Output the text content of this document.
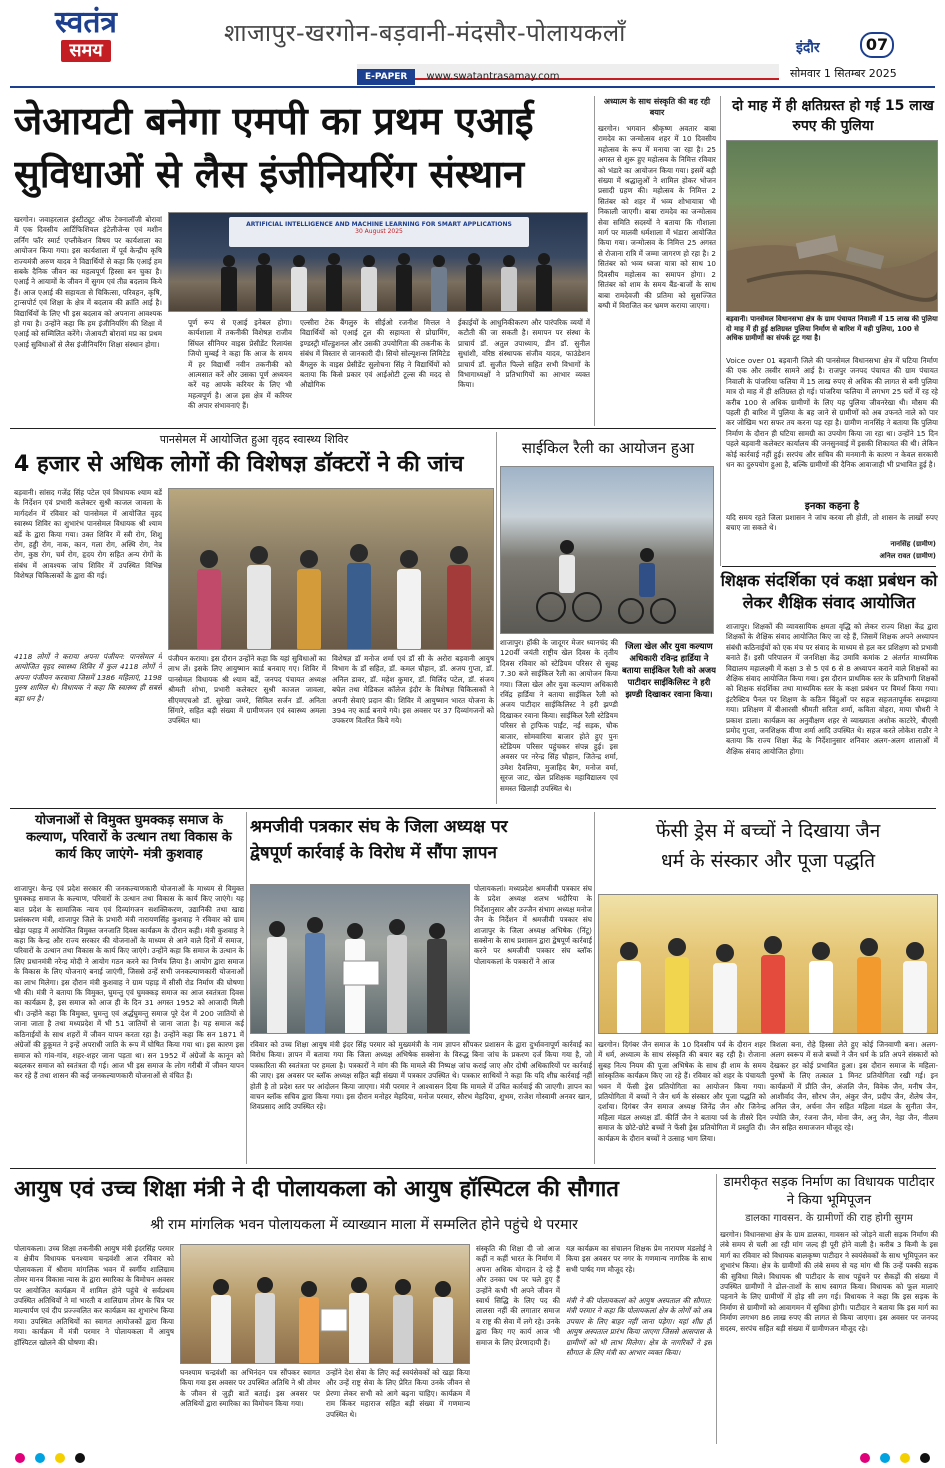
स्वतंत्र
समय
शाजापुर-खरगोन-बड़वानी-मंदसौर-पोलायकलाँ
E-PAPER www.swatantrasamay.com
इंदौर	07
सोमवार 1 सितम्बर 2025
जेआयटी बनेगा एमपी का प्रथम एआई
सुविधाओं से लैस इंजीनियरिंग संस्थान
खरगोन। जवाहरलाल इंस्टीट्यूट ऑफ टेक्नालॉजी बोरावां में एक दिवसीय आर्टिफिशियल इंटेलीजेन्स एवं मशीन लर्निंग फॉर स्मार्ट एप्लीकेशन विषय पर कार्यशाला का आयोजन किया गया। इस कार्यशाला में पूर्व केन्द्रीय कृषि राज्यमंत्री अरुण यादव ने विद्यार्थियों से कहा कि एआई हम सबके दैनिक जीवन का महत्वपूर्ण हिस्सा बन चुका है। एआई ने आयामों के जीवन में सुगम एवं तीव्र बदलाव किये हैं। आज एआई की सहायता से चिकित्सा, परिवहन, कृषि, ट्रान्सपोर्ट एवं शिक्षा के क्षेत्र में बदलाव की क्रांति आई है। विद्यार्थियों के लिए भी इस बदलाव को अपनाना आवश्यक हो गया है। उन्होंने कहा कि हम इंजीनियरिंग की शिक्षा में एआई को सम्मिलित करेंगे। जेआयटी बोरावां मप्र का प्रथम एआई सुविधाओं से लैस इंजीनियरिंग शिक्षा संस्थान होगा।
ARTIFICIAL INTELLIGENCE AND MACHINE LEARNING FOR SMART APPLICATIONS
30 August 2025
पूर्ण रूप से एआई इनेबल होगा। कार्यशाला में तकनीकी विशेषज्ञ राजीव सिंघल सीनियर वाइस प्रेसीडेंट रिलायंस जियो मुम्बई ने कहा कि आज के समय में हर विद्यार्थी नवीन तकनीकी को आत्मसात करें और उसका पूर्ण अध्ययन करें यह आपके करियर के लिए भी महत्वपूर्ण है। आज इस क्षेत्र में करियर की अपार संभावनाएं हैं।
एल्सीरा टेक बैंगलुरु के सीईओ रजनीश मित्तल ने विद्यार्थियों को एआई टूल की सहायता से प्रोग्रामिंग, इण्डस्ट्री मॉल्डुशनल और उसकी उपयोगिता की तकनीक के संबंध में विस्तार से जानकारी दी। सियो सोल्यूशन्स लिमिटेड बैंगलुरु के वाइस प्रेसीडेंट सुलोचना सिंह ने विद्यार्थियों को बताया कि किसे प्रकार एवं आईओटी टूल्स की मदद से औद्योगिक
ईकाईयों के आधुनिकीकरण और पारंपरिक व्ययों में कटौती की जा सकती है। समापन पर संस्था के प्राचार्य डॉ. अतुल उपाध्याय, डीन डॉ. सुनील सुधांशी, वरिष्ठ संस्थापक संजीव यादव, फाउंडेशन प्राचार्य डॉ. सुजीत पिल्ले सहित सभी विभागों के विभागाध्यक्षों ने प्रतिभागियों का आभार व्यक्त किया।
अध्यात्म के साथ संस्कृति की बह रही बयार
खरगोन। भगवान श्रीकृष्ण अवतार बाबा रामदेव का जन्मोत्सव शहर में 10 दिवसीय महोत्सव के रूप में मनाया जा रहा है। 25 अगस्त से शुरू हुए महोत्सव के निमित्त रविवार को भंडारे का आयोजन किया गया। इसमें बड़ी संख्या में श्रद्धालुओं ने शामिल होकर भोजन प्रसादी ग्रहण की। महोत्सव के निमित्त 2 सितंबर को शहर में भव्य शोभायात्रा भी निकाली जाएगी। बाबा रामदेव का जन्मोत्सव सेवा समिति सदस्यों ने बताया कि गौशाला मार्ग पर मालवी धर्मशाला में भंडारा आयोजित किया गया। जन्मोत्सव के निमित्त 25 अगस्त से रोजाना रात्रि में जम्मा जागरण हो रहा है। 2 सितंबर को भव्य ध्वजा यात्रा को साथ 10 दिवसीय महोत्सव का समापन होगा। 2 सितंबर को शाम के समय बैंड-बाजों के साथ बाबा रामदेवजी की प्रतिमा को सुसज्जित बग्घी में विराजित कर भ्रमण कराया जाएगा।
दो माह में ही क्षतिग्रस्त हो गई 15 लाख रुपए की पुलिया
बड़वानी। पानसेमल विधानसभा क्षेत्र के ग्राम पंचायत निवाली में 15 लाख की पुलिया दो माह में ही हुई क्षतिग्रस्त पुलिया निर्माण से बारिश में वही पुलिया, 100 से अधिक ग्रामीणों का संपर्क टूट गया है।
Voice over 01 बड़वानी जिले की पानसेमल विधानसभा क्षेत्र में घटिया निर्माण की एक और तस्वीर सामने आई है। राजपुर जनपद पंचायत की ग्राम पंचायत निवाली के पांजरिया फलिया में 15 लाख रुपए से अधिक की लागत से बनी पुलिया मात्र दो माह में ही क्षतिग्रस्त हो गई। पांजरिया फलिया में लगभग 25 घरों में रह रहे करीब 100 से अधिक ग्रामीणों के लिए यह पुलिया जीवनरेखा थी। मौसम की पहली ही बारिश में पुलिया के बह जाने से ग्रामीणों को अब उफनते नाले को पार कर जोखिम भरा सफर तय करना पड़ रहा है। ग्रामीण नानसिंह ने बताया कि पुलिया निर्माण के दौरान ही घटिया सामग्री का उपयोग किया जा रहा था। उन्होंने 15 दिन पहले बड़वानी कलेक्टर कार्यालय की जनसुनवाई में इसकी शिकायत की थी। लेकिन कोई कार्रवाई नहीं हुई। सरपंच और सचिव की मनमानी के कारण न केवल सरकारी धन का दुरुपयोग हुआ है, बल्कि ग्रामीणों की दैनिक आवाजाही भी प्रभावित हुई है।
इनका कहना है
यदि समय रहते जिला प्रशासन ने जांच करवा ली होती, तो शासन के लाखों रुपए बचाए जा सकते थे।
नानसिंह (ग्रामीण)
अनिल रावत (ग्रामीण)
पानसेमल में आयोजित हुआ वृहद स्वास्थ्य शिविर
4 हजार से अधिक लोगों की विशेषज्ञ डॉक्टरों ने की जांच
बड़वानी। सांसद गजेंद्र सिंह पटेल एवं विधायक श्याम बर्डे के निर्देशन एवं प्रभारी कलेक्टर सुश्री काजल जावला के मार्गदर्शन में रविवार को पानसेमल में आयोजित वृहद स्वास्थ्य शिविर का शुभारंभ पानसेमल विधायक श्री श्याम बर्डे के द्वारा किया गया। उक्त शिविर में स्त्री रोग, शिशु रोग, हड्डी रोग, नाक, कान, गला रोग, अस्थि रोग, नेत्र रोग, कुष्ठ रोग, चर्म रोग, हृदय रोग सहित अन्य रोगों के संबंध में आवश्यक जांच शिविर में उपस्थित विभिन्न विशेषज्ञ चिकित्सकों के द्वारा की गई।
4118 लोगों ने कराया अपना पंजीयन: पानसेमल में आयोजित वृहद स्वास्थ्य शिविर में कुल 4118 लोगों ने अपना पंजीयन करवाया जिसमें 1386 महिलाएं, 1198 पुरुष शामिल थे। विधायक ने कहा कि स्वास्थ्य ही सबसे बड़ा धन है।
पंजीयन कराया। इस दौरान उन्होंने कहा कि यहां सुविधाओं का लाभ लें। इसके लिए आयुष्मान कार्ड बनवाए गए। शिविर में पानसेमल विधायक श्री श्याम बर्डे, जनपद पंचायत अध्यक्ष श्रीमती शोभा, प्रभारी कलेक्टर सुश्री काजल जावला, सीएमएचओ डॉ. सुरेखा जमरे, सिविल सर्जन डॉ. अनिता सिंगारे, सहित बड़ी संख्या में ग्रामीणजन एवं स्वास्थ्य अमला उपस्थित था।
विशेषज्ञ डॉ मनोज शर्मा एवं डॉ सी के अरोरा बड़वानी आयुष विभाग के डॉ सहित, डॉ. कमल चौहान, डॉ. अजय गुप्ता, डॉ. अनिल डावर, डॉ. महेश कुमार, डॉ. मिलिंद पटेल, डॉ. संजय बघेल तथा मेडिकल कॉलेज इंदौर के विशेषज्ञ चिकित्सकों ने अपनी सेवाएं प्रदान की। शिविर में आयुष्मान भारत योजना के 394 नए कार्ड बनाये गये। इस अवसर पर 37 दिव्यांगजनों को उपकरण वितरित किये गये।
साईकिल रैली का आयोजन हुआ
शाजापुर। हॉकी के जादूगर मेजर ध्यानचंद की 120वीं जयंती राष्ट्रीय खेल दिवस के तृतीय दिवस रविवार को स्टेडियम परिसर से सुबह 7.30 बजे साईकिल रैली का आयोजन किया गया। जिला खेल और युवा कल्याण अधिकारी रविंद्र हार्डिया ने बताया साईकिल रैली को अजय पाटीदार साईकिलिस्ट ने हरी झण्डी दिखाकर रवाना किया। साईकिल रैली स्टेडियम परिसर से ट्राफिक पाईंट, नई सड़क, चौक बाजार, सोमवारिया बाजार होते हुए पुनः स्टेडियम परिसर पहुंचकर संपन्न हुई। इस अवसर पर नरेन्द्र सिंह चौहान, जितेन्द्र शर्मा, उमेश दैवलिया, मुजाहिद बैग, मनोज वर्मा, सूरज जाट, खेल प्रशिक्षक महाविद्यालय एवं समस्त खिलाड़ी उपस्थित थे।
जिला खेल और युवा कल्याण अधिकारी रविन्द्र हार्डिया ने बताया साईकिल रैली को अजय पाटीदार साईकिलिस्ट ने हरी झण्डी दिखाकर रवाना किया।
शिक्षक संदर्शिका एवं कक्षा प्रबंधन को लेकर शैक्षिक संवाद आयोजित
शाजापुर। शिक्षकों की व्यावसायिक क्षमता वृद्धि को लेकर राज्य शिक्षा केंद्र द्वारा शिक्षकों के शैक्षिक संवाद आयोजित किए जा रहे हैं, जिसमें शिक्षक अपने अध्यापन संबंधी कठिनाईयों को एक मंच पर संवाद के माध्यम से हल कर प्रशिक्षण को प्रभावी बनाते हैं। इसी परिपालन में जनशिक्षा केंद्र उमावि कमांक 2 अंतर्गत माध्यमिक विद्यालय महालक्ष्मी में कक्षा 3 से 5 एवं 6 से 8 अध्यापन कराने वाले शिक्षकों का शैक्षिक संवाद आयोजित किया गया। इस दौरान प्राथमिक स्तर के प्रतिभागी शिक्षकों को शिक्षक संदर्शिका तथा माध्यमिक स्तर के कक्षा प्रबंधन पर विमर्श किया गया। इंटरैक्टिव पैनल पर शिक्षण के कठिन बिंदुओं पर सहज सहजतापूर्वक समझाया गया। प्रशिक्षण में बीआरसी श्रीमती सरिता शर्मा, कविता वोहरा, माया चौधरी ने प्रकाश डाला। कार्यक्रम का अनुवीक्षण शहर से व्याख्याता अशोक काटरेरे, बीएसी प्रमोद गुप्ता, जनशिक्षक वीणा शर्मा आदि उपस्थित थे। सहज करते लोकेश राठौर ने बताया कि राज्य शिक्षा केंद्र के निर्देशानुसार शनिवार अलग-अलग शालाओं में शैक्षिक संवाद आयोजित होगा।
योजनाओं से विमुक्त घुमक्कड़ समाज के कल्याण, परिवारों के उत्थान तथा विकास के कार्य किए जाएंगे- मंत्री कुशवाह
शाजापुर। केन्द्र एवं प्रदेश सरकार की जनकल्याणकारी योजनाओं के माध्यम से विमुक्त घुमक्कड़ समाज के कल्याण, परिवारों के उत्थान तथा विकास के कार्य किए जाएंगे। यह बात प्रदेश के सामाजिक न्याय एवं दिव्यांगजन सशक्तिकरण, उद्यानिकी तथा खाद्य प्रसंस्करण मंत्री, शाजापुर जिले के प्रभारी मंत्री नारायणसिंह कुशवाह ने रविवार को ग्राम खेड़ा पहाड़ में आयोजित विमुक्त जनजाति दिवस कार्यक्रम के दौरान कही। मंत्री कुशवाह ने कहा कि केन्द्र और राज्य सरकार की योजनाओं के माध्यम से आने वाले दिनों में समाज, परिवारों के उत्थान तथा विकास के कार्य किए जाएंगे। उन्होंने कहा कि समाज के उत्थान के लिए प्रधानमंत्री नरेन्द्र मोदी ने आयोग गठन करने का निर्णय लिया है। आयोग द्वारा समाज के विकास के लिए योजनाएं बनाई जाएंगी, जिससे उन्हें सभी जनकल्याणकारी योजनाओं का लाभ मिलेगा। इस दौरान मंत्री कुशवाह ने ग्राम पहाड़ में सीसी रोड निर्माण की घोषणा भी की। मंत्री ने बताया कि विमुक्त, घुमन्तु एवं घुमक्कड़ समाज का आज स्वतंत्रता दिवस का कार्यक्रम है, इस समाज को आज ही के दिन 31 अगस्त 1952 को आजादी मिली थी। उन्होंने कहा कि विमुक्त, घुमन्तु एवं अर्द्धघुमन्तु समाज पूरे देश में 200 जातियों से जाना जाता है तथा मध्यप्रदेश में भी 51 जातियों से जाना जाता है। यह समाज कई कठिनाईयों के साथ शहरों में जीवन यापन करता रहा है। उन्होंने कहा कि सन 1871 में अंग्रेजों की हुकूमत ने इन्हें अपराधी जाति के रूप में घोषित किया गया था। इस कारण इस समाज को गांव-गांव, शहर-शहर जाना पड़ता था। सन 1952 में अंग्रेजों के कानून को बदलकर समाज को स्वतंत्रता दी गई। आज भी इस समाज के लोग गरीबी में जीवन यापन कर रहे हैं तथा शासन की कई जनकल्याणकारी योजनाओं से वंचित हैं।
श्रमजीवी पत्रकार संघ के जिला अध्यक्ष पर
द्वेषपूर्ण कार्रवाई के विरोध में सौंपा ज्ञापन
पोलायकलां। मध्यप्रदेश श्रमजीवी पत्रकार संघ के प्रदेश अध्यक्ष शलभ भदौरिया के निर्देशानुसार और उज्जैन संभाग अध्यक्ष मनोज जैन के निर्देशन में श्रमजीवी पत्रकार संघ शाजापुर के जिला अध्यक्ष अभिषेक (निंटू) सक्सेना के साथ प्रशासन द्वारा द्वेषपूर्ण कार्रवाई करने पर श्रमजीवी पत्रकार संघ ब्लॉक पोलायकलां के पत्रकारों ने आज
रविवार को उच्च शिक्षा आयुष मंत्री इंदर सिंह परमार को मुख्यमंत्री के नाम ज्ञापन सौंपकर प्रशासन के द्वारा दुर्भावनापूर्ण कार्रवाई का विरोध किया। ज्ञापन में बताया गया कि जिला अध्यक्ष अभिषेक सक्सेना के विरुद्ध बिना जांच के प्रकरण दर्ज किया गया है, जो पत्रकारिता की स्वतंत्रता पर हमला है। पत्रकारों ने मांग की कि मामले की निष्पक्ष जांच कराई जाए और दोषी अधिकारियों पर कार्रवाई की जाए। इस अवसर पर ब्लॉक अध्यक्ष सहित बड़ी संख्या में पत्रकार उपस्थित थे। पत्रकार साथियों ने कहा कि यदि शीघ्र कार्रवाई नहीं होती है तो प्रदेश स्तर पर आंदोलन किया जाएगा। मंत्री परमार ने आश्वासन दिया कि मामले में उचित कार्रवाई की जाएगी। ज्ञापन का वाचन ब्लॉक सचिव द्वारा किया गया। इस दौरान मनोहर मेहदिया, मनोज परमार, सौरभ मेहदिया, शुभम, राजेश गोस्वामी अनवर खान, शिवप्रसाद आदि उपस्थित रहे।
फेंसी ड्रेस में बच्चों ने दिखाया जैन
धर्म के संस्कार और पूजा पद्धति
खरगोन। दिगंबर जैन समाज के 10 दिवसीय पर्व के दौरान शहर में धर्म, अध्यात्म के साथ संस्कृति की बयार बह रही है। रोजाना सुबह नित्य नियम की पूजा अभिषेक के साथ ही शाम के समय सांस्कृतिक कार्यक्रम किए जा रहे हैं। रविवार को शहर के पंचायती भवन में फेंसी ड्रेस प्रतियोगिता का आयोजन किया गया। प्रतियोगिता में बच्चों ने जैन धर्म के संस्कार और पूजा पद्धति को दर्शाया। दिगंबर जैन समाज अध्यक्ष जिनेंद्र जैन और जिनेन्द्र महिला मंडल अध्यक्ष डॉ. कीर्ति जैन ने बताया पर्व के तीसरे दिन समाज के छोटे-छोटे बच्चों ने फेंसी ड्रेस प्रतियोगिता में प्रस्तुति दी। कार्यक्रम के दौरान बच्चों ने उत्साह भाग लिया।
त्रिशला बना, रोहे हिस्सा लेते हुए कोई जिनवाणी बना। अलग-अलग स्वरूप में सजे बच्चों ने जैन धर्म के प्रति अपने संस्कारों को देखकर हर कोई प्रभावित हुआ। इस दौरान समाज के महिला-पुरुषों के लिए तत्काल 1 मिनट प्रतियोगिता रखी गई। इन कार्यक्रमों में प्रीति जैन, अंजलि जैन, विवेक जैन, मनीष जैन, आशीर्वाद जैन, सौरभ जैन, अंकुर जैन, प्रदीप जैन, शैलेष जैन, अनिल जैन, अर्चना जैन सहित महिला मंडल के सुनीता जैन, ज्योति जैन, रंजना जैन, मोना जैन, अनु जैन, नेहा जैन, नीलम जैन सहित समाजजन मौजूद रहे।
आयुष एवं उच्च शिक्षा मंत्री ने दी पोलायकला को आयुष हॉस्पिटल की सौगात
श्री राम मांगलिक भवन पोलायकला में व्याख्यान माला में सम्मलित होने पहुंचे थे परमार
पोलायकला। उच्च शिक्षा तकनीकी आयुष मंत्री इंदरसिंह परमार व क्षेत्रीय विधायक घनश्याम चन्द्रवंशी आज रविवार को पोलायकला में श्रीराम मांगलिक भवन में स्वर्गीय शालिग्राम तोमर मानव विकास न्यास के द्वारा स्मारिका के विमोचन अवसर पर आयोजित कार्यक्रम में शामिल होने पहुंचे थे सर्वप्रथम उपस्थित अतिथियों ने मां भारती व शालिग्राम तोमर के चित्र पर माल्यार्पण एवं दीप प्रज्ज्वलित कर कार्यक्रम का शुभारंभ किया गया। उपस्थित अतिथियों का स्वागत आयोजकों द्वारा किया गया। कार्यक्रम में मंत्री परमार ने पोलायकला में आयुष हॉस्पिटल खोलने की घोषणा की।
घनश्याम चन्द्रवंशी का अभिनंदन पत्र सौंपकर स्वागत किया गया इस अवसर पर उपस्थित अतिथि ने श्री तोमर के जीवन से जुड़ी बातें बताई। इस अवसर पर अतिथियों द्वारा स्मारिका का विमोचन किया गया।
उन्होंने देश सेवा के लिए कई स्वयंसेवकों को खड़ा किया और उन्हें राष्ट्र सेवा के लिए प्रेरित किया उनके जीवन से प्रेरणा लेकर सभी को आगे बढ़ना चाहिए। कार्यक्रम में राम किंकर महाराज सहित बड़ी संख्या में गणमान्य उपस्थित थे।
संस्कृति की शिक्षा दी जो आज कहीं न कहीं भारत के निर्माण में अपना अधिक योगदान दे रहे हैं और उनका पथ पर चले हुए हैं उन्होंने कभी भी अपने जीवन में स्वार्थ सिद्धि के लिए पद की लालसा नहीं की लगातार समाज व राष्ट्र की सेवा में लगे रहे। उनके द्वारा किए गए कार्य आज भी समाज के लिए प्रेरणादायी हैं।
यज्ञ कार्यक्रम का संचालन शिक्षक प्रेम नारायण मंडलोई ने किया इस अवसर पर नगर के गणमान्य नागरिक के साथ सभी पार्षद गण मौजूद रहे।
मंत्री ने की पोलायकलां को आयुष अस्पताल की सौगात: मंत्री परमार ने कहा कि पोलायकलां क्षेत्र के लोगों को अब उपचार के लिए बाहर नहीं जाना पड़ेगा। यहां शीघ्र ही आयुष अस्पताल प्रारंभ किया जाएगा जिससे आसपास के ग्रामीणों को भी लाभ मिलेगा। क्षेत्र के नागरिकों ने इस सौगात के लिए मंत्री का आभार व्यक्त किया।
डामरीकृत सड़क निर्माण का विधायक पाटीदार ने किया भूमिपूजन
डालका गावसन. के ग्रामीणों की राह होगी सुगम
खरगोन। विधानसभा क्षेत्र के ग्राम डालका, गावसन को जोड़ने वाली सड़क निर्माण की लंबे समय से चली आ रही मांग जल्द ही पूरी होने वाली है। करीब 3 किमी के इस मार्ग का रविवार को विधायक बालकृष्ण पाटीदार ने स्वयंसेवकों के साथ भूमिपूजन कर शुभारंभ किया। क्षेत्र के ग्रामीणों की लंबे समय से यह मांग थी कि उन्हें पक्की सड़क की सुविधा मिले। विधायक श्री पाटीदार के साथ पहुंचने पर सैकड़ों की संख्या में उपस्थित ग्रामीणों ने ढोल-ताशों के साथ स्वागत किया। विधायक को फूल मालाएं पहनाने के लिए ग्रामीणों में होड़ सी लग गई। विधायक ने कहा कि इस सड़क के निर्माण से ग्रामीणों को आवागमन में सुविधा होगी। पाटीदार ने बताया कि इस मार्ग का निर्माण लगभग 86 लाख रुपए की लागत से किया जाएगा। इस अवसर पर जनपद सदस्य, सरपंच सहित बड़ी संख्या में ग्रामीणजन मौजूद रहे।
